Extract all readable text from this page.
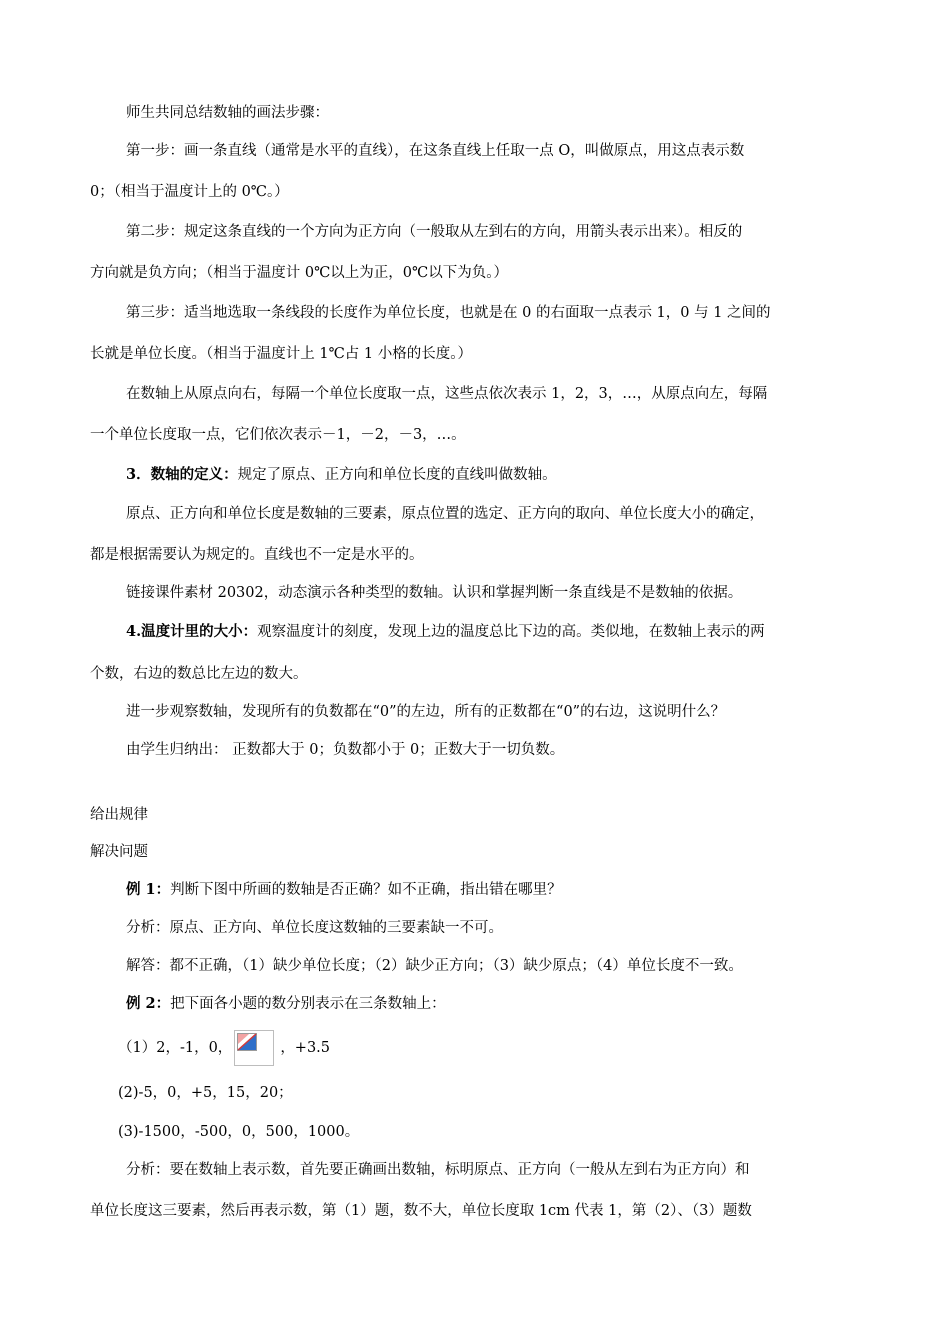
师生共同总结数轴的画法步骤：
第一步：画一条直线（通常是水平的直线），在这条直线上任取一点 O，叫做原点，用这点表示数
0；（相当于温度计上的 0℃。）
第二步：规定这条直线的一个方向为正方向（一般取从左到右的方向，用箭头表示出来）。相反的
方向就是负方向；（相当于温度计 0℃以上为正，0℃以下为负。）
第三步：适当地选取一条线段的长度作为单位长度，也就是在 0 的右面取一点表示 1，0 与 1 之间的
长就是单位长度。（相当于温度计上 1℃占 1 小格的长度。）
在数轴上从原点向右，每隔一个单位长度取一点，这些点依次表示 1，2，3，…，从原点向左，每隔
一个单位长度取一点，它们依次表示－1，－2，－3，…。
3．数轴的定义：规定了原点、正方向和单位长度的直线叫做数轴。
原点、正方向和单位长度是数轴的三要素，原点位置的选定、正方向的取向、单位长度大小的确定，
都是根据需要认为规定的。直线也不一定是水平的。
链接课件素材 20302，动态演示各种类型的数轴。认识和掌握判断一条直线是不是数轴的依据。
4.温度计里的大小：观察温度计的刻度，发现上边的温度总比下边的高。类似地，在数轴上表示的两
个数，右边的数总比左边的数大。
进一步观察数轴，发现所有的负数都在“0”的左边，所有的正数都在“0”的右边，这说明什么？
由学生归纳出： 正数都大于 0；负数都小于 0；正数大于一切负数。
给出规律
解决问题
例 1：判断下图中所画的数轴是否正确？如不正确，指出错在哪里？
分析：原点、正方向、单位长度这数轴的三要素缺一不可。
解答：都不正确，（1）缺少单位长度；（2）缺少正方向；（3）缺少原点；（4）单位长度不一致。
例 2：把下面各小题的数分别表示在三条数轴上：
（1）2，-1，0，	，+3.5
(2)-5，0，+5，15，20；
(3)-1500，-500，0，500，1000。
分析：要在数轴上表示数，首先要正确画出数轴，标明原点、正方向（一般从左到右为正方向）和
单位长度这三要素，然后再表示数，第（1）题，数不大，单位长度取 1cm 代表 1，第（2）、（3）题数
